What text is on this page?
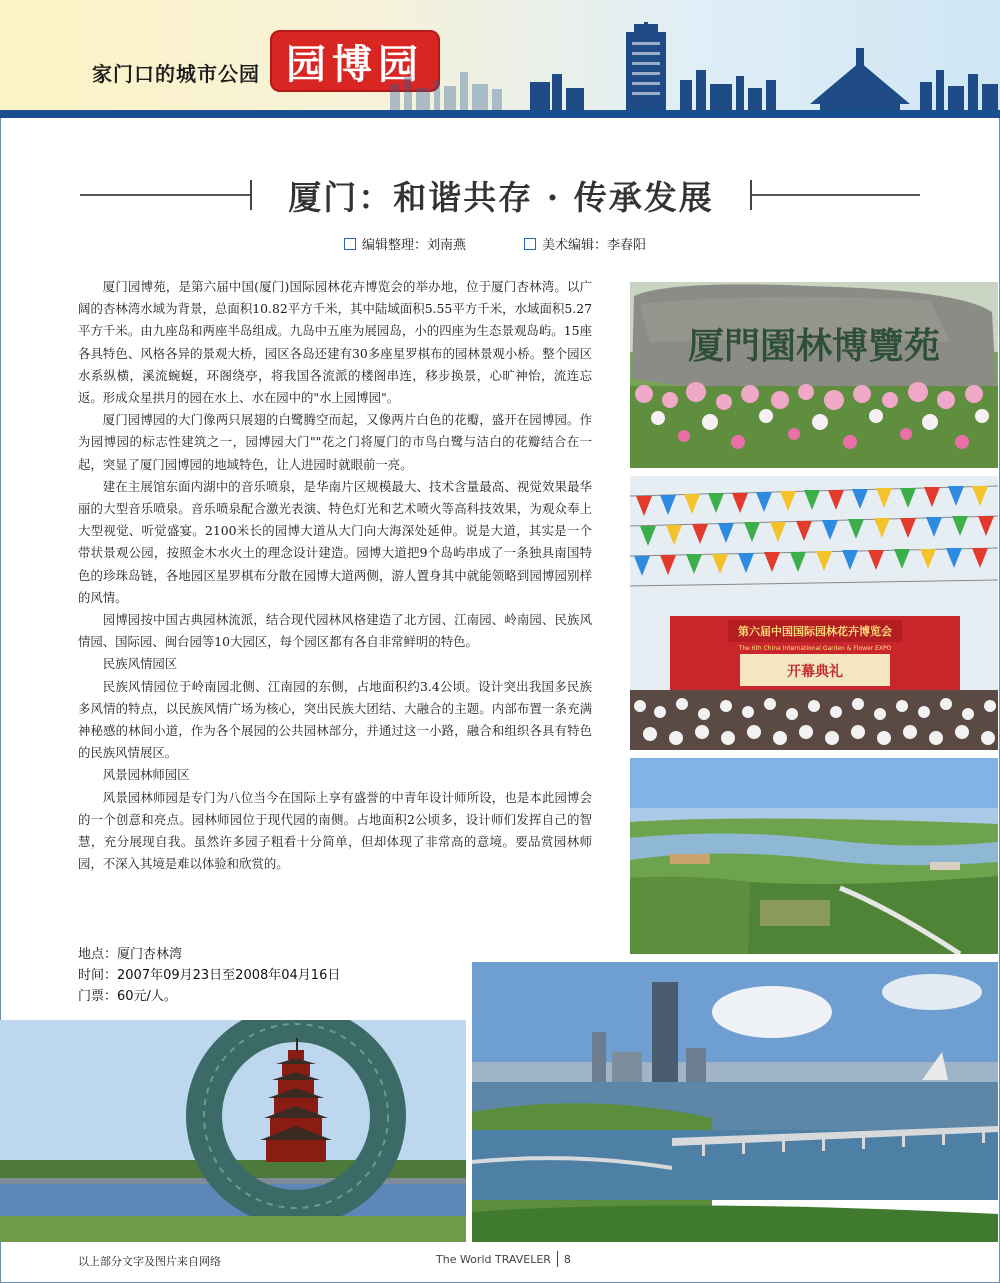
家门口的城市公园 园博园
厦门：和谐共存 · 传承发展
编辑整理：刘南燕	美术编辑：李春阳

厦门园博苑，是第六届中国(厦门)国际园林花卉博览会的举办地，位于厦门杏林湾。以广阔的杏林湾水域为背景，总面积10.82平方千米，其中陆域面积5.55平方千米，水域面积5.27平方千米。由九座岛和两座半岛组成。九岛中五座为展园岛，小的四座为生态景观岛屿。15座各具特色、风格各异的景观大桥，园区各岛还建有30多座星罗棋布的园林景观小桥。整个园区水系纵横，溪流蜿蜒，环阁绕亭，将我国各流派的楼阁串连，移步换景，心旷神怡，流连忘返。形成众星拱月的园在水上、水在园中的"水上园博园"。

厦门园博园的大门像两只展翅的白鹭腾空而起，又像两片白色的花瓣，盛开在园博园。作为园博园的标志性建筑之一，园博园大门""花之门将厦门的市鸟白鹭与洁白的花瓣结合在一起，突显了厦门园博园的地域特色，让人进园时就眼前一亮。

建在主展馆东面内湖中的音乐喷泉，是华南片区规模最大、技术含量最高、视觉效果最华丽的大型音乐喷泉。音乐喷泉配合激光表演、特色灯光和艺术喷火等高科技效果，为观众奉上大型视觉、听觉盛宴。2100米长的园博大道从大门向大海深处延伸。说是大道，其实是一个带状景观公园，按照金木水火土的理念设计建造。园博大道把9个岛屿串成了一条独具南国特色的珍珠岛链，各地园区星罗棋布分散在园博大道两侧，游人置身其中就能领略到园博园别样的风情。

园博园按中国古典园林流派，结合现代园林风格建造了北方园、江南园、岭南园、民族风情园、国际园、闽台园等10大园区，每个园区都有各自非常鲜明的特色。

民族风情园区

民族风情园位于岭南园北侧、江南园的东侧，占地面积约3.4公顷。设计突出我国多民族多风情的特点，以民族风情广场为核心，突出民族大团结、大融合的主题。内部布置一条充满神秘感的林间小道，作为各个展园的公共园林部分，并通过这一小路，融合和组织各具有特色的民族风情展区。

风景园林师园区

风景园林师园是专门为八位当今在国际上享有盛誉的中青年设计师所设，也是本此园博会的一个创意和亮点。园林师园位于现代园的南侧。占地面积2公顷多，设计师们发挥自己的智慧，充分展现自我。虽然许多园子粗看十分简单，但却体现了非常高的意境。要品赏园林师园，不深入其境是难以体验和欣赏的。

地点：厦门杏林湾
时间：2007年09月23日至2008年04月16日
门票：60元/人。
厦門園林博覽苑
第六届中国国际园林花卉博览会
The 6th China International Garden & Flower EXPO
开幕典礼
以上部分文字及图片来自网络	The World TRAVELER 8
